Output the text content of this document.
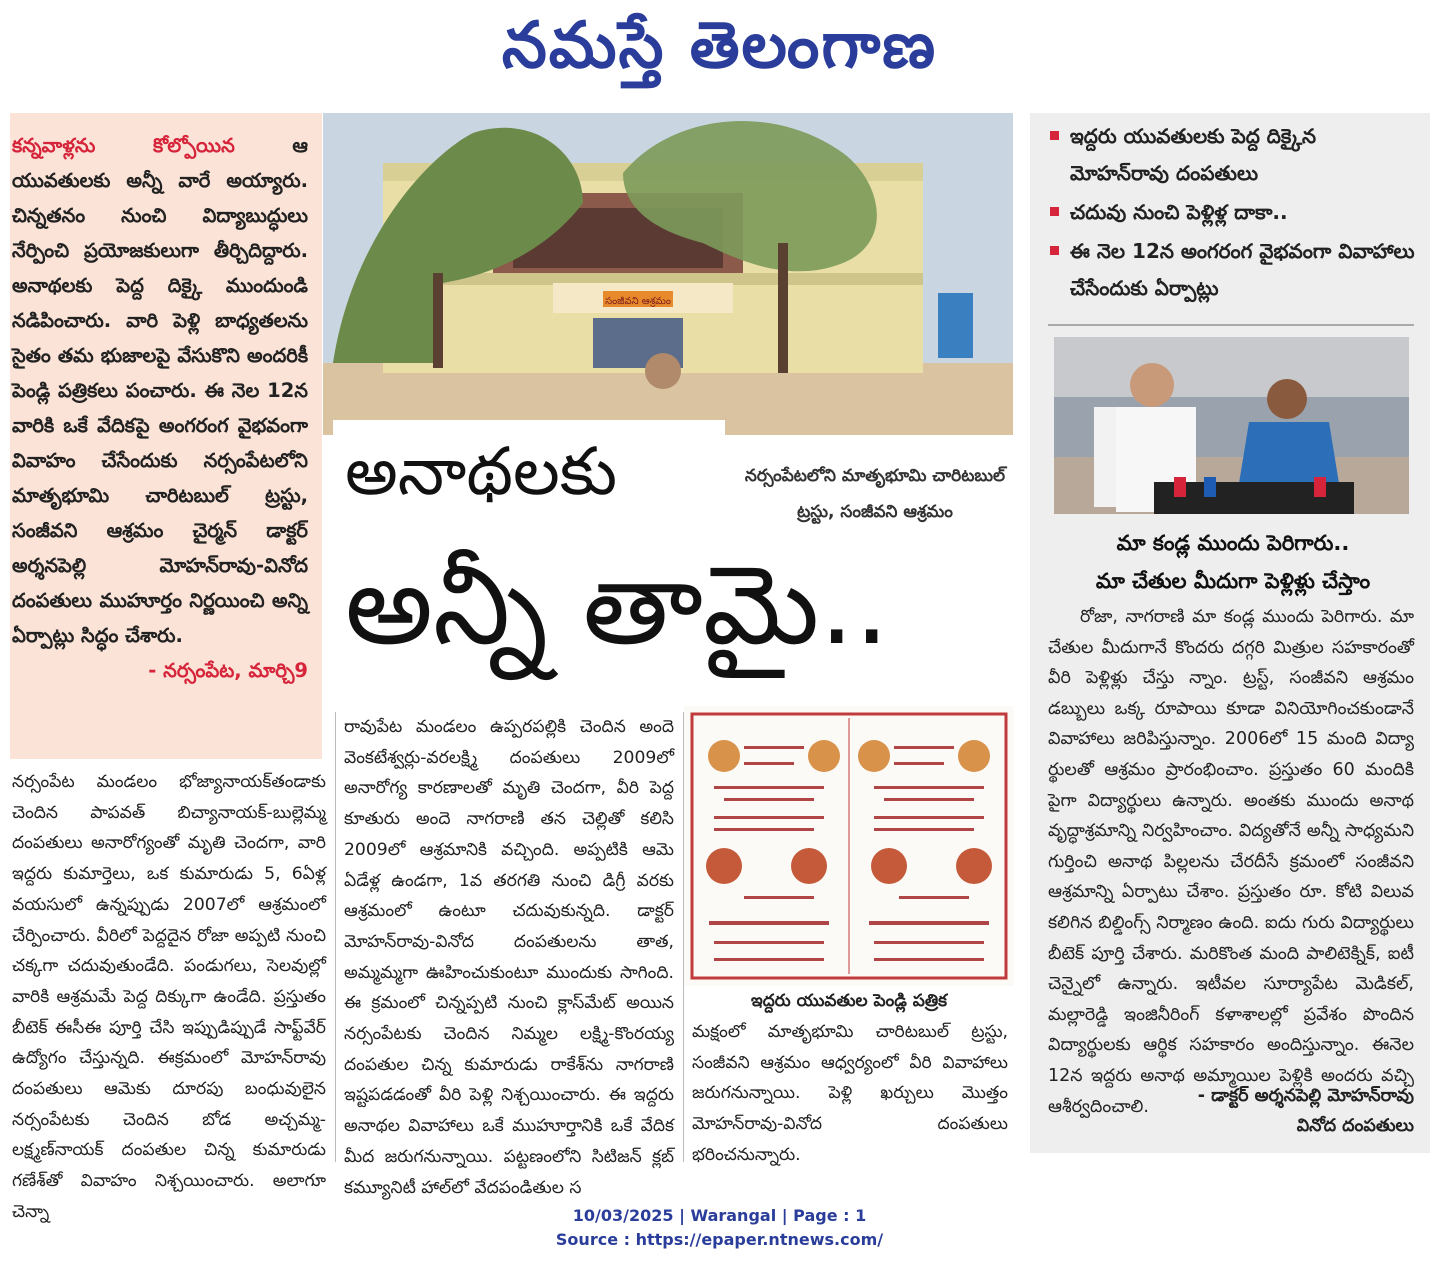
నమస్తే తెలంగాణ
కన్నవాళ్లను కోల్పోయిన ఆ యువతులకు అన్నీ వారే అయ్యారు. చిన్నతనం నుంచి విద్యాబుద్ధులు నేర్పించి ప్రయోజకులుగా తీర్చిదిద్దారు. అనాథలకు పెద్ద దిక్కై ముందుండి నడిపించారు. వారి పెళ్లి బాధ్యతలను సైతం తమ భుజాలపై వేసుకొని అందరికీ పెండ్లి పత్రికలు పంచారు. ఈ నెల 12న వారికి ఒకే వేదికపై అంగరంగ వైభవంగా వివాహం చేసేందుకు నర్సంపేటలోని మాతృభూమి చారిటబుల్ ట్రస్టు, సంజీవని ఆశ్రమం చైర్మన్ డాక్టర్ అర్శనపెల్లి మోహన్‌రావు-వినోద దంపతులు ముహూర్తం నిర్ణయించి అన్ని ఏర్పాట్లు సిద్ధం చేశారు.
- నర్సంపేట, మార్చి9
సంజీవని ఆశ్రమం
అనాథలకు
అన్నీ తామై..
నర్సంపేటలోని మాతృభూమి చారిటబుల్ ట్రస్టు, సంజీవని ఆశ్రమం
ఇద్దరు యువతులకు పెద్ద దిక్కైన మోహన్‌రావు దంపతులు
చదువు నుంచి పెళ్లిళ్ల దాకా..
ఈ నెల 12న అంగరంగ వైభవంగా వివాహాలు చేసేందుకు ఏర్పాట్లు
మా కండ్ల ముందు పెరిగారు..
మా చేతుల మీదుగా పెళ్లిళ్లు చేస్తాం
రోజా, నాగరాణి మా కండ్ల ముందు పెరిగారు. మా చేతుల మీదుగానే కొందరు దగ్గరి మిత్రుల సహకారంతో వీరి పెళ్లిళ్లు చేస్తు న్నాం. ట్రస్ట్, సంజీవని ఆశ్రమం డబ్బులు ఒక్క రూపాయి కూడా వినియోగించకుండానే వివాహాలు జరిపిస్తున్నాం. 2006లో 15 మంది విద్యా ర్థులతో ఆశ్రమం ప్రారంభించాం. ప్రస్తుతం 60 మందికి పైగా విద్యార్థులు ఉన్నారు. అంతకు ముందు అనాథ వృద్ధాశ్రమాన్ని నిర్వహించాం. విద్యతోనే అన్నీ సాధ్యమని గుర్తించి అనాథ పిల్లలను చేరదీసే క్రమంలో సంజీవని ఆశ్రమాన్ని ఏర్పాటు చేశాం. ప్రస్తుతం రూ. కోటి విలువ కలిగిన బిల్డింగ్స్ నిర్మాణం ఉంది. ఐదు గురు విద్యార్థులు బీటెక్ పూర్తి చేశారు. మరికొంత మంది పాలిటెక్నిక్, ఐటీ చెన్నైలో ఉన్నారు. ఇటీవల సూర్యాపేట మెడికల్, మల్లారెడ్డి ఇంజినీరింగ్ కళాశాలల్లో ప్రవేశం పొందిన విద్యార్థులకు ఆర్థిక సహకారం అందిస్తున్నాం. ఈనెల 12న ఇద్దరు అనాథ అమ్మాయిల పెళ్లికి అందరు వచ్చి ఆశీర్వదించాలి.
- డాక్టర్ అర్శనపెల్లి మోహన్‌రావు
వినోద దంపతులు
నర్సంపేట మండలం భోజ్యానాయక్‌తండాకు చెందిన పాపవత్ బిచ్యానాయక్-బుల్లెమ్మ దంపతులు అనారోగ్యంతో మృతి చెందగా, వారి ఇద్దరు కుమార్తెలు, ఒక కుమారుడు 5, 6ఏళ్ల వయసులో ఉన్నప్పుడు 2007లో ఆశ్రమంలో చేర్పించారు. వీరిలో పెద్దదైన రోజా అప్పటి నుంచి చక్కగా చదువుతుండేది. పండుగలు, సెలవుల్లో వారికి ఆశ్రమమే పెద్ద దిక్కుగా ఉండేది. ప్రస్తుతం బీటెక్ ఈసీఈ పూర్తి చేసి ఇప్పుడిప్పుడే సాఫ్ట్‌వేర్ ఉద్యోగం చేస్తున్నది. ఈక్రమంలో మోహన్‌రావు దంపతులు ఆమెకు దూరపు బంధువులైన నర్సంపేటకు చెందిన బోడ అచ్చమ్మ-లక్ష్మణ్‌నాయక్ దంపతుల చిన్న కుమారుడు గణేశ్‌తో వివాహం నిశ్చయించారు. అలాగూ చెన్నా
రావుపేట మండలం ఉప్పరపల్లికి చెందిన అందె వెంకటేశ్వర్లు-వరలక్ష్మి దంపతులు 2009లో అనారోగ్య కారణాలతో మృతి చెందగా, వీరి పెద్ద కూతురు అందె నాగరాణి తన చెల్లితో కలిసి 2009లో ఆశ్రమానికి వచ్చింది. అప్పటికి ఆమె ఏడేళ్ల ఉండగా, 1వ తరగతి నుంచి డిగ్రీ వరకు ఆశ్రమంలో ఉంటూ చదువుకున్నది. డాక్టర్ మోహన్‌రావు-వినోద దంపతులను తాత, అమ్మమ్మగా ఊహించుకుంటూ ముందుకు సాగింది. ఈ క్రమంలో చిన్నప్పటి నుంచి క్లాస్‌మేట్ అయిన నర్సంపేటకు చెందిన నిమ్మల లక్ష్మి-కొంరయ్య దంపతుల చిన్న కుమారుడు రాకేశ్‌ను నాగరాణి ఇష్టపడడంతో వీరి పెళ్లి నిశ్చయించారు. ఈ ఇద్దరు అనాథల వివాహాలు ఒకే ముహూర్తానికి ఒకే వేదిక మీద జరుగనున్నాయి. పట్టణంలోని సిటిజన్ క్లబ్ కమ్యూనిటీ హాల్‌లో వేదపండితుల స
ఇద్దరు యువతుల పెండ్లి పత్రిక
మక్షంలో మాతృభూమి చారిటబుల్ ట్రస్టు, సంజీవని ఆశ్రమం ఆధ్వర్యంలో వీరి వివాహాలు జరుగనున్నాయి. పెళ్లి ఖర్చులు మొత్తం మోహన్‌రావు-వినోద దంపతులు భరించనున్నారు.
10/03/2025 | Warangal | Page : 1
Source : https://epaper.ntnews.com/
